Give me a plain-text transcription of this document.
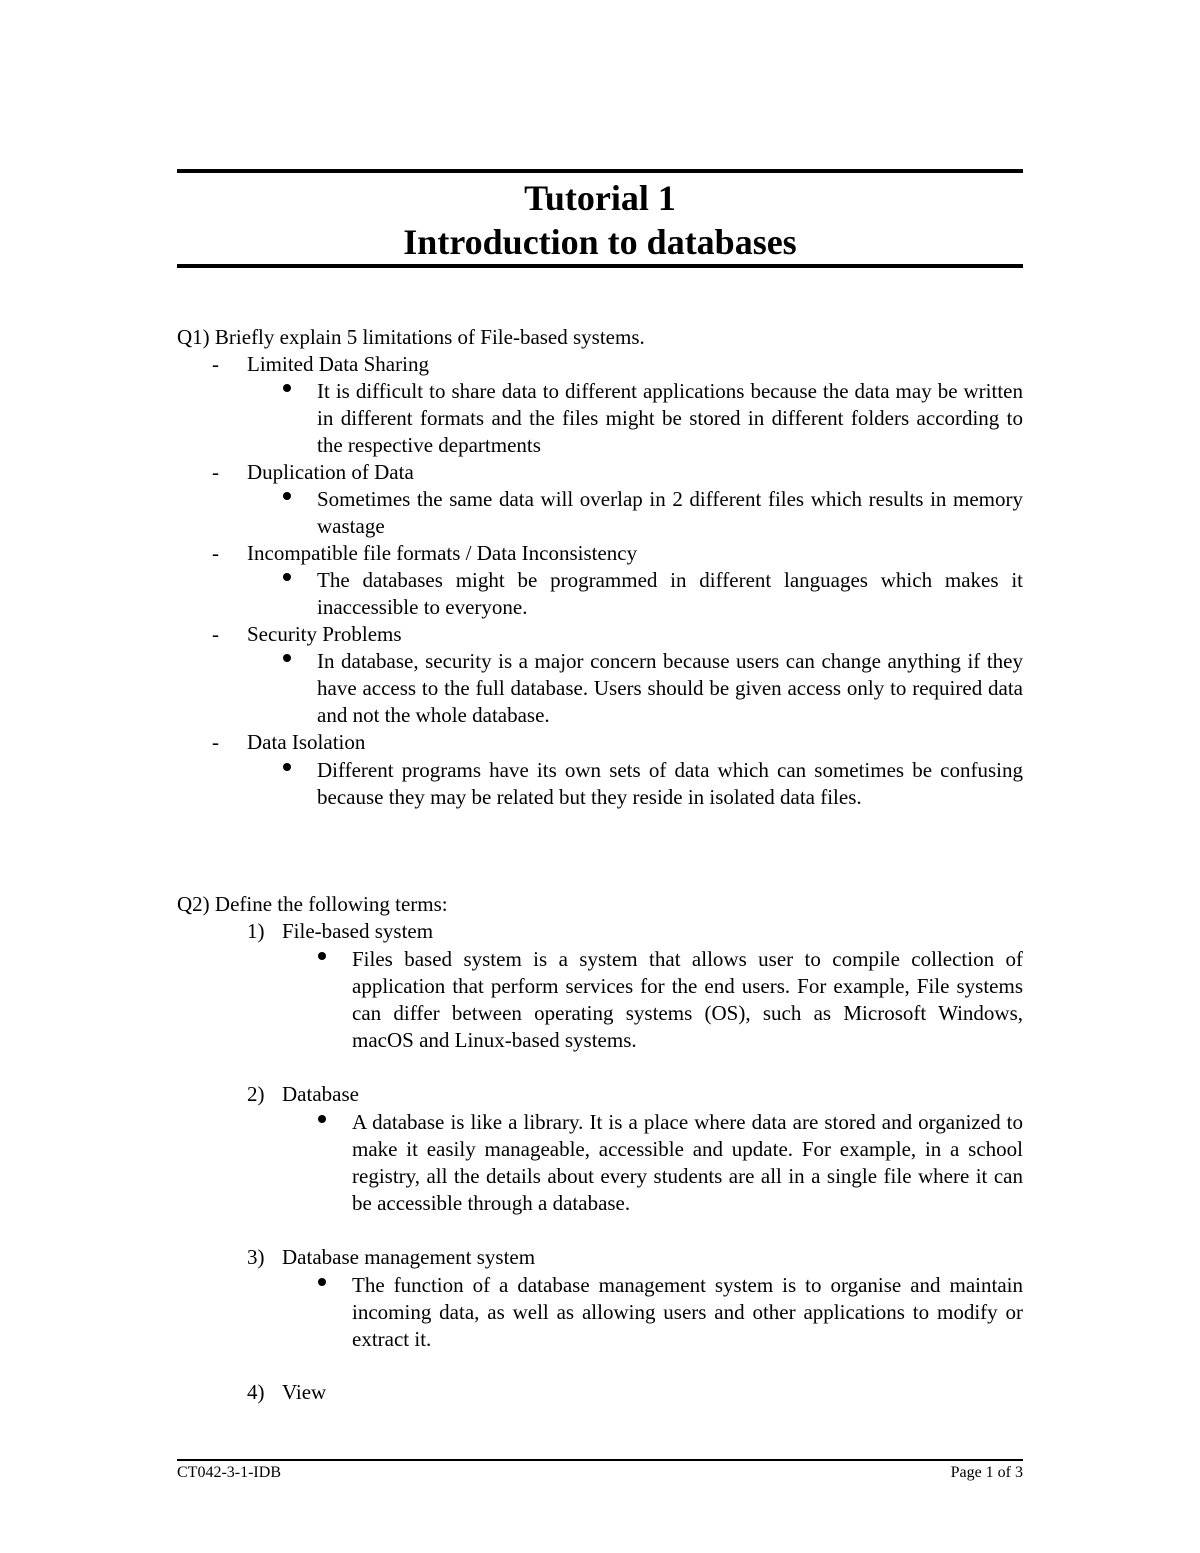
Tutorial 1
Introduction to databases
Q1) Briefly explain 5 limitations of File-based systems.
- Limited Data Sharing
It is difficult to share data to different applications because the data may be written in different formats and the files might be stored in different folders according to the respective departments
- Duplication of Data
Sometimes the same data will overlap in 2 different files which results in memory wastage
- Incompatible file formats / Data Inconsistency
The databases might be programmed in different languages which makes it inaccessible to everyone.
- Security Problems
In database, security is a major concern because users can change anything if they have access to the full database. Users should be given access only to required data and not the whole database.
- Data Isolation
Different programs have its own sets of data which can sometimes be confusing because they may be related but they reside in isolated data files.
Q2) Define the following terms:
1) File-based system
Files based system is a system that allows user to compile collection of application that perform services for the end users. For example, File systems can differ between operating systems (OS), such as Microsoft Windows, macOS and Linux-based systems.
2) Database
A database is like a library. It is a place where data are stored and organized to make it easily manageable, accessible and update. For example, in a school registry, all the details about every students are all in a single file where it can be accessible through a database.
3) Database management system
The function of a database management system is to organise and maintain incoming data, as well as allowing users and other applications to modify or extract it.
4) View
CT042-3-1-IDB	Page 1 of 3
